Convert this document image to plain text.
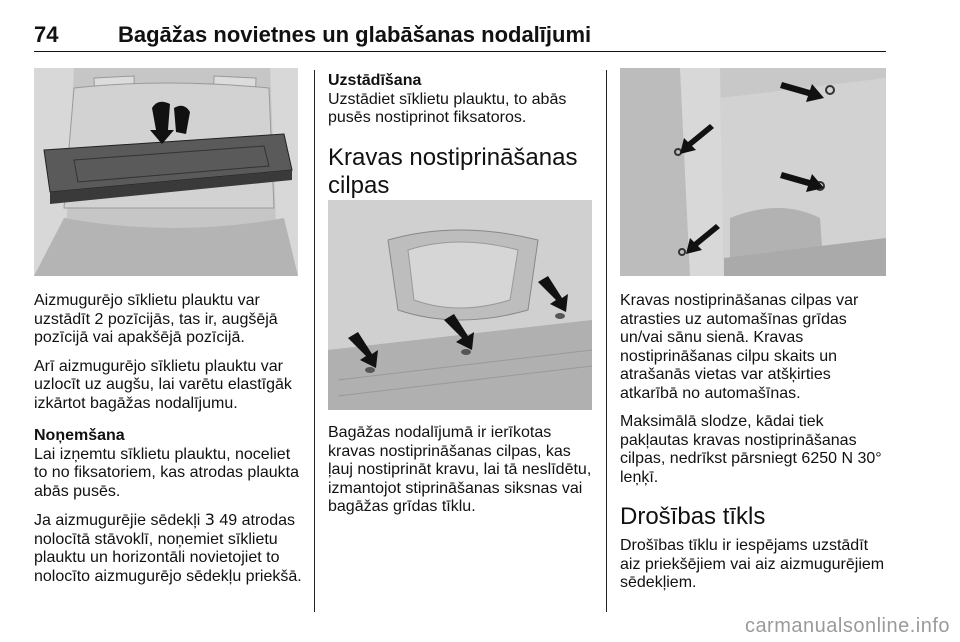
74	Bagāžas novietnes un glabāšanas nodalījumi

Aizmugurējo sīklietu plauktu var uzstādīt 2 pozīcijās, tas ir, augšējā pozīcijā vai apakšējā pozīcijā.

Arī aizmugurējo sīklietu plauktu var uzlocīt uz augšu, lai varētu elastīgāk izkārtot bagāžas nodalījumu.

Noņemšana

Lai izņemtu sīklietu plauktu, noceliet to no fiksatoriem, kas atrodas plaukta abās pusēs.

Ja aizmugurējie sēdekļi 3 49 atrodas nolocītā stāvoklī, noņemiet sīklietu plauktu un horizontāli novietojiet to nolocīto aizmugurējo sēdekļu priekšā.

Uzstādīšana

Uzstādiet sīklietu plauktu, to abās pusēs nostiprinot fiksatoros.

Kravas nostiprināšanas cilpas

Bagāžas nodalījumā ir ierīkotas kravas nostiprināšanas cilpas, kas ļauj nostiprināt kravu, lai tā neslīdētu, izmantojot stiprināšanas siksnas vai bagāžas grīdas tīklu.

Kravas nostiprināšanas cilpas var atrasties uz automašīnas grīdas un/vai sānu sienā. Kravas nostiprināšanas cilpu skaits un atrašanās vietas var atšķirties atkarībā no automašīnas.

Maksimālā slodze, kādai tiek pakļautas kravas nostiprināšanas cilpas, nedrīkst pārsniegt 6250 N 30° leņķī.

Drošības tīkls

Drošības tīklu ir iespējams uzstādīt aiz priekšējiem vai aiz aizmugurējiem sēdekļiem.

carmanualsonline.info
